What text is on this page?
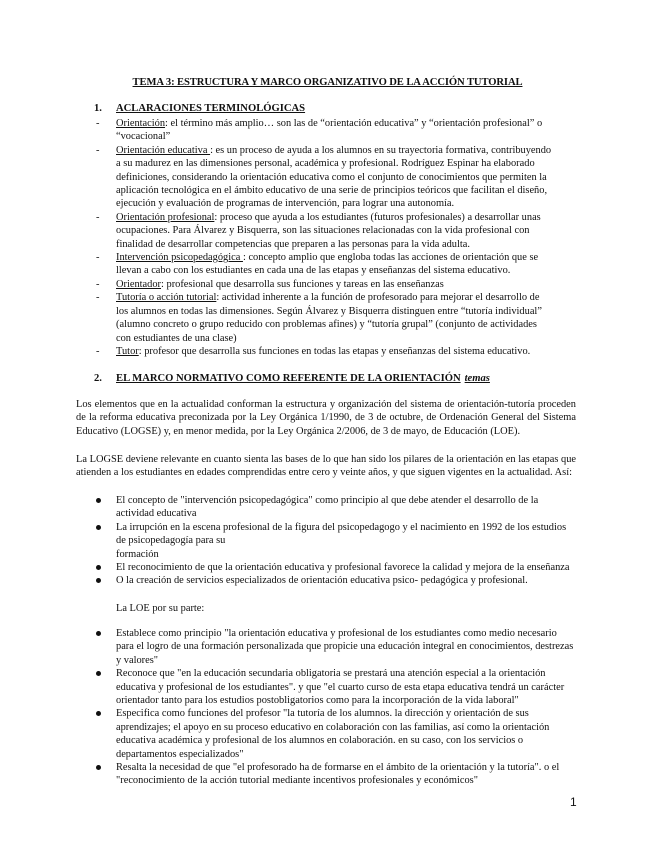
TEMA 3: ESTRUCTURA Y MARCO ORGANIZATIVO DE LA ACCIÓN TUTORIAL
1. ACLARACIONES TERMINOLÓGICAS
- Orientación: el término más amplio… son las de “orientación educativa” y “orientación profesional” o “vocacional”
- Orientación educativa : es un proceso de ayuda a los alumnos en su trayectoria formativa, contribuyendo a su madurez en las dimensiones personal, académica y profesional. Rodríguez Espinar ha elaborado definiciones, considerando la orientación educativa como el conjunto de conocimientos que permiten la aplicación tecnológica en el ámbito educativo de una serie de principios teóricos que facilitan el diseño, ejecución y evaluación de programas de intervención, para lograr una autonomía.
- Orientación profesional: proceso que ayuda a los estudiantes (futuros profesionales) a desarrollar unas ocupaciones. Para Álvarez y Bisquerra, son las situaciones relacionadas con la vida profesional con finalidad de desarrollar competencias que preparen a las personas para la vida adulta.
- Intervención psicopedagógica : concepto amplio que engloba todas las acciones de orientación que se llevan a cabo con los estudiantes en cada una de las etapas y enseñanzas del sistema educativo.
- Orientador: profesional que desarrolla sus funciones y tareas en las enseñanzas
- Tutoría o acción tutorial: actividad inherente a la función de profesorado para mejorar el desarrollo de los alumnos en todas las dimensiones. Según Álvarez y Bisquerra distinguen entre “tutoría individual” (alumno concreto o grupo reducido con problemas afines) y “tutoría grupal” (conjunto de actividades con estudiantes de una clase)
- Tutor: profesor que desarrolla sus funciones en todas las etapas y enseñanzas del sistema educativo.
2. EL MARCO NORMATIVO COMO REFERENTE DE LA ORIENTACIÓN temas

Los elementos que en la actualidad conforman la estructura y organización del sistema de orientación-tutoría proceden de la reforma educativa preconizada por la Ley Orgánica 1/1990, de 3 de octubre, de Ordenación General del Sistema Educativo (LOGSE) y, en menor medida, por la Ley Orgánica 2/2006, de 3 de mayo, de Educación (LOE).

La LOGSE deviene relevante en cuanto sienta las bases de lo que han sido los pilares de la orientación en las etapas que atienden a los estudiantes en edades comprendidas entre cero y veinte años, y que siguen vigentes en la actualidad. Así:

El concepto de "intervención psicopedagógica" como principio al que debe atender el desarrollo de la actividad educativa
La irrupción en la escena profesional de la figura del psicopedagogo y el nacimiento en 1992 de los estudios de psicopedagogía para su
formación
El reconocimiento de que la orientación educativa y profesional favorece la calidad y mejora de la enseñanza
O la creación de servicios especializados de orientación educativa psico- pedagógica y profesional.
La LOE por su parte:
Establece como principio "la orientación educativa y profesional de los estudiantes como medio necesario para el logro de una formación personalizada que propicie una educación integral en conocimientos, destrezas y valores"
Reconoce que "en la educación secundaria obligatoria se prestará una atención especial a la orientación educativa y profesional de los estudiantes". y que "el cuarto curso de esta etapa educativa tendrá un carácter orientador tanto para los estudios postobligatorios como para la incorporación de la vida laboral"
Especifica como funciones del profesor "la tutoría de los alumnos. la dirección y orientación de sus aprendizajes; el apoyo en su proceso educativo en colaboración con las familias, así como la orientación educativa académica y profesional de los alumnos en colaboración. en su caso, con los servicios o departamentos especializados"
Resalta la necesidad de que "el profesorado ha de formarse en el ámbito de la orientación y la tutoría". o el "reconocimiento de la acción tutorial mediante incentivos profesionales y económicos"
1
